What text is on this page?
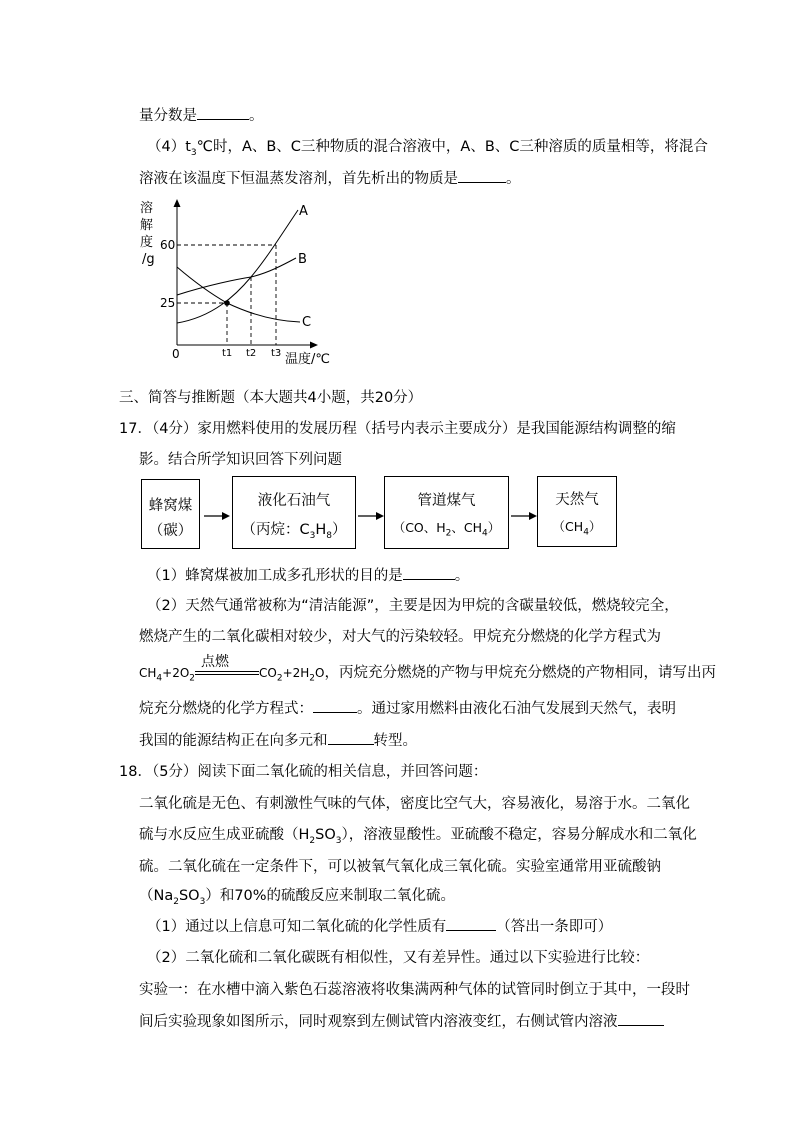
量分数是	。
$(4)t_3℃$时，A、B、C三种物质的混合溶液中，A、B、C三种溶质的质量相等，将混合
溶液在该温度下恒温蒸发溶剂，首先析出的物质是	。
溶
解
度
/g
A
B
C
60
25
0	t1 t2 t3 温度/℃
三、简答与推断题（本大题共4小题，共20分）
17．（4分）家用燃料使用的发展历程（括号内表示主要成分）是我国能源结构调整的缩
影。结合所学知识回答下列问题
蜂窝煤
（碳）
液化石油气
（丙烷：$C_3H_8$）
管道煤气
（CO、$H_2$、$CH_4$）
天然气
$(CH_4)$
（1）蜂窝煤被加工成多孔形状的目的是	。
（2）天然气通常被称为“清洁能源”，主要是因为甲烷的含碳量较低，燃烧较完全，
燃烧产生的二氧化碳相对较少，对大气的污染较轻。甲烷充分燃烧的化学方程式为
$CH_4+2O_2$
点燃
$CO_2+2H_2O$，丙烷充分燃烧的产物与甲烷充分燃烧的产物相同，请写出丙
烷充分燃烧的化学方程式：	。通过家用燃料由液化石油气发展到天然气，表明
我国的能源结构正在向多元和	转型。
18．（5分）阅读下面二氧化硫的相关信息，并回答问题：
二氧化硫是无色、有刺激性气味的气体，密度比空气大，容易液化，易溶于水。二氧化
硫与水反应生成亚硫酸$(H_2SO_3)$，溶液显酸性。亚硫酸不稳定，容易分解成水和二氧化
硫。二氧化硫在一定条件下，可以被氧气氧化成三氧化硫。实验室通常用亚硫酸钠
$(Na_2SO_3)$和70%的硫酸反应来制取二氧化硫。
（1）通过以上信息可知二氧化硫的化学性质有	（答出一条即可）
（2）二氧化硫和二氧化碳既有相似性，又有差异性。通过以下实验进行比较：
实验一：在水槽中滴入紫色石蕊溶液将收集满两种气体的试管同时倒立于其中，一段时
间后实验现象如图所示，同时观察到左侧试管内溶液变红，右侧试管内溶液
